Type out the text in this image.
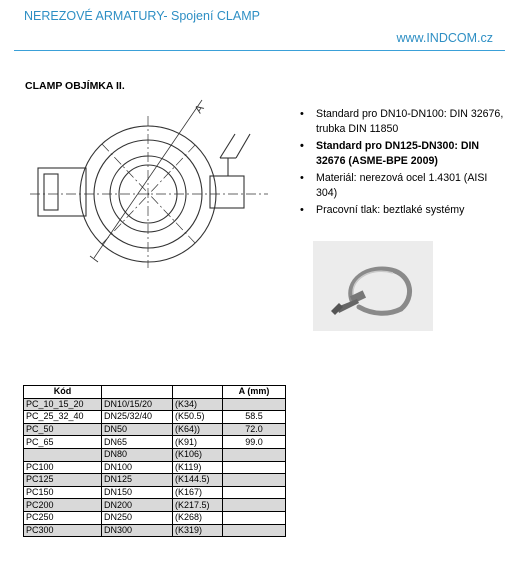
NEREZOVÉ ARMATURY- Spojení CLAMP
www.INDCOM.cz
CLAMP OBJÍMKA II.
A	• Standard pro DN10-DN100: DIN 32676, trubka DIN 11850
• Standard pro DN125-DN300: DIN 32676 (ASME-BPE 2009)
• Materiál: nerezová ocel 1.4301 (AISI 304)
• Pracovní tlak: beztlaké systémy
Kód			A (mm)
PC_10_15_20	DN10/15/20	(K34)	
PC_25_32_40	DN25/32/40	(K50.5)	58.5
PC_50	DN50	(K64))	72.0
PC_65	DN65	(K91)	99.0
	DN80	(K106)	
PC100	DN100	(K119)	
PC125	DN125	(K144.5)	
PC150	DN150	(K167)	
PC200	DN200	(K217.5)	
PC250	DN250	(K268)	
PC300	DN300	(K319)	
